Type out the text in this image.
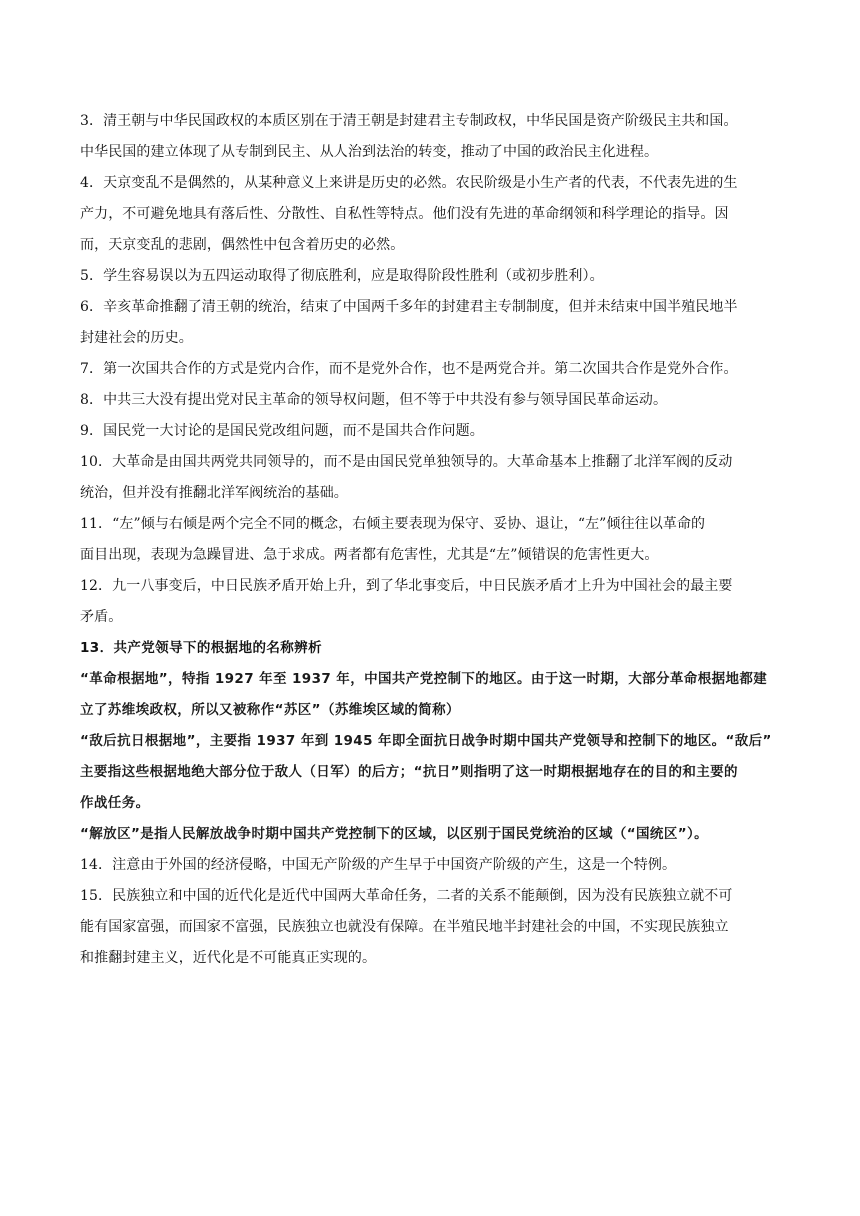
3．清王朝与中华民国政权的本质区别在于清王朝是封建君主专制政权，中华民国是资产阶级民主共和国。
中华民国的建立体现了从专制到民主、从人治到法治的转变，推动了中国的政治民主化进程。

4．天京变乱不是偶然的，从某种意义上来讲是历史的必然。农民阶级是小生产者的代表，不代表先进的生
产力，不可避免地具有落后性、分散性、自私性等特点。他们没有先进的革命纲领和科学理论的指导。因
而，天京变乱的悲剧，偶然性中包含着历史的必然。

5．学生容易误以为五四运动取得了彻底胜利，应是取得阶段性胜利（或初步胜利）。

6．辛亥革命推翻了清王朝的统治，结束了中国两千多年的封建君主专制制度，但并未结束中国半殖民地半
封建社会的历史。

7．第一次国共合作的方式是党内合作，而不是党外合作，也不是两党合并。第二次国共合作是党外合作。

8．中共三大没有提出党对民主革命的领导权问题，但不等于中共没有参与领导国民革命运动。

9．国民党一大讨论的是国民党改组问题，而不是国共合作问题。

10．大革命是由国共两党共同领导的，而不是由国民党单独领导的。大革命基本上推翻了北洋军阀的反动
统治，但并没有推翻北洋军阀统治的基础。

11．“左”倾与右倾是两个完全不同的概念，右倾主要表现为保守、妥协、退让，“左”倾往往以革命的
面目出现，表现为急躁冒进、急于求成。两者都有危害性，尤其是“左”倾错误的危害性更大。

12．九一八事变后，中日民族矛盾开始上升，到了华北事变后，中日民族矛盾才上升为中国社会的最主要
矛盾。

13．共产党领导下的根据地的名称辨析

“革命根据地”，特指 1927 年至 1937 年，中国共产党控制下的地区。由于这一时期，大部分革命根据地都建
立了苏维埃政权，所以又被称作“苏区”（苏维埃区域的简称）

“敌后抗日根据地”，主要指 1937 年到 1945 年即全面抗日战争时期中国共产党领导和控制下的地区。“敌后”
主要指这些根据地绝大部分位于敌人（日军）的后方；“抗日”则指明了这一时期根据地存在的目的和主要的
作战任务。

“解放区”是指人民解放战争时期中国共产党控制下的区域，以区别于国民党统治的区域（“国统区”）。

14．注意由于外国的经济侵略，中国无产阶级的产生早于中国资产阶级的产生，这是一个特例。

15．民族独立和中国的近代化是近代中国两大革命任务，二者的关系不能颠倒，因为没有民族独立就不可
能有国家富强，而国家不富强，民族独立也就没有保障。在半殖民地半封建社会的中国，不实现民族独立
和推翻封建主义，近代化是不可能真正实现的。
